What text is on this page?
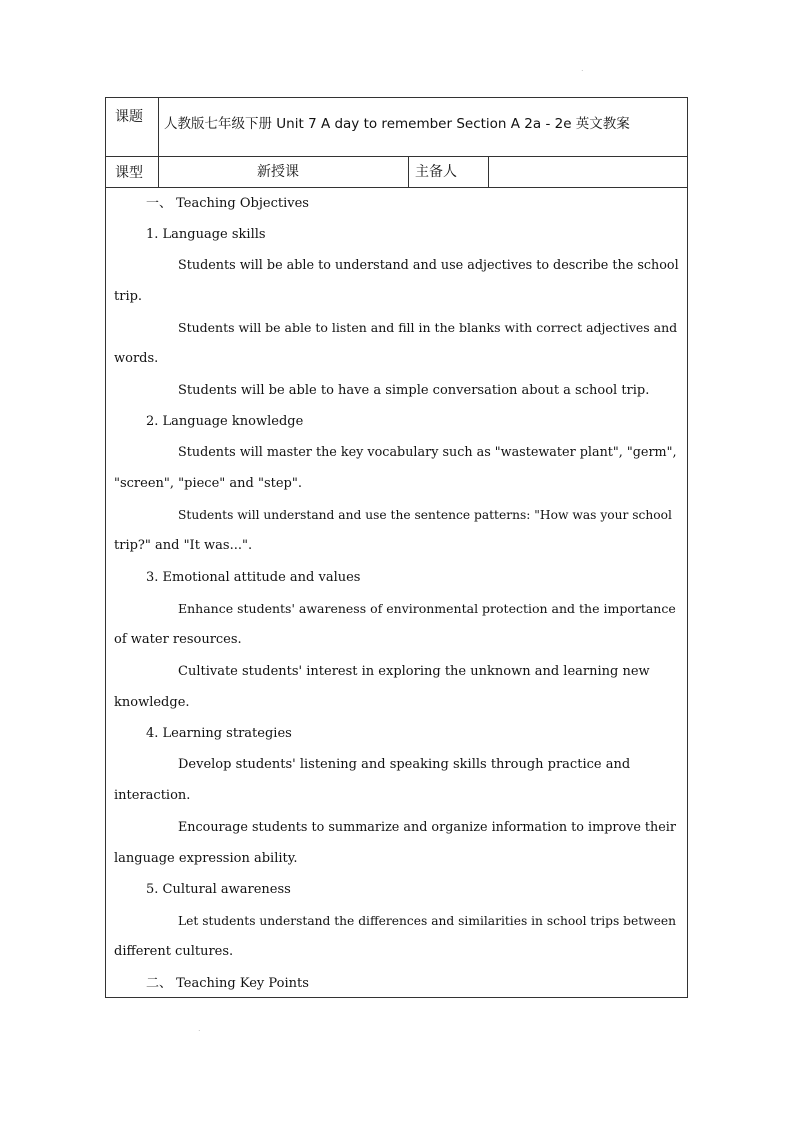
.
.
课题 人教版七年级下册 Unit 7 A day to remember Section A 2a - 2e 英文教案
课型	新授课	主备人
一、 Teaching Objectives
1. Language skills
Students will be able to understand and use adjectives to describe the school
trip.
Students will be able to listen and fill in the blanks with correct adjectives and
words.
Students will be able to have a simple conversation about a school trip.
2. Language knowledge
Students will master the key vocabulary such as "wastewater plant", "germ",
"screen", "piece" and "step".
Students will understand and use the sentence patterns: "How was your school
trip?" and "It was...".
3. Emotional attitude and values
Enhance students' awareness of environmental protection and the importance
of water resources.
Cultivate students' interest in exploring the unknown and learning new
knowledge.
4. Learning strategies
Develop students' listening and speaking skills through practice and
interaction.
Encourage students to summarize and organize information to improve their
language expression ability.
5. Cultural awareness
Let students understand the differences and similarities in school trips between
different cultures.
二、 Teaching Key Points
